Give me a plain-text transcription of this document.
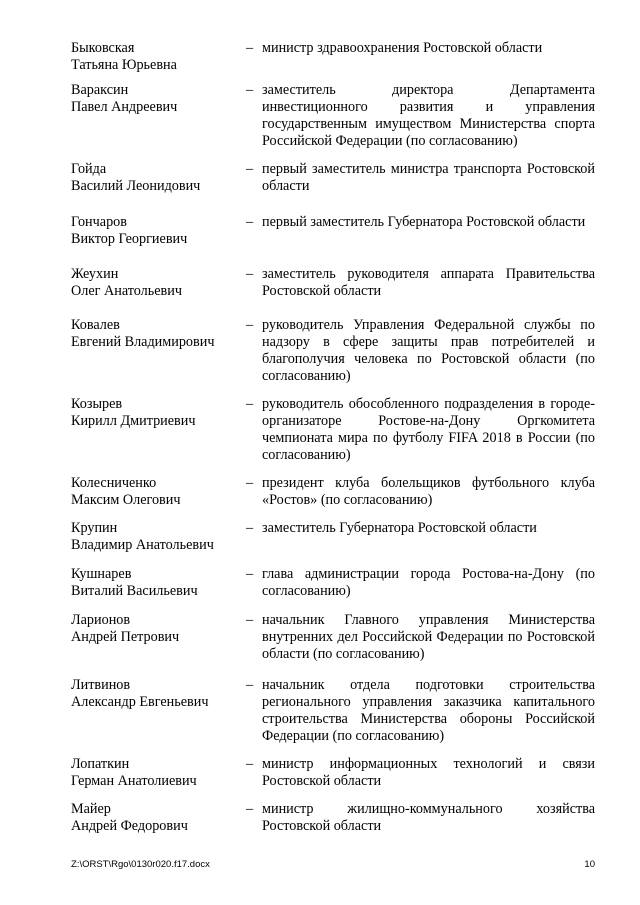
Быковская
Татьяна Юрьевна
– министр здравоохранения Ростовской области
Вараксин
Павел Андреевич
– заместитель директора Департамента инвестиционного развития и управления государственным имуществом Министерства спорта Российской Федерации (по согласованию)
Гойда
Василий Леонидович
– первый заместитель министра транспорта Ростовской области
Гончаров
Виктор Георгиевич
– первый заместитель Губернатора Ростовской области
Жеухин
Олег Анатольевич
– заместитель руководителя аппарата Правительства Ростовской области
Ковалев
Евгений Владимирович
– руководитель Управления Федеральной службы по надзору в сфере защиты прав потребителей и благополучия человека по Ростовской области (по согласованию)
Козырев
Кирилл Дмитриевич
– руководитель обособленного подразделения в городе-организаторе Ростове-на-Дону Оргкомитета чемпионата мира по футболу FIFA 2018 в России (по согласованию)
Колесниченко
Максим Олегович
– президент клуба болельщиков футбольного клуба «Ростов» (по согласованию)
Крупин
Владимир Анатольевич
– заместитель Губернатора Ростовской области
Кушнарев
Виталий Васильевич
– глава администрации города Ростова-на-Дону (по согласованию)
Ларионов
Андрей Петрович
– начальник Главного управления Министерства внутренних дел Российской Федерации по Ростовской области (по согласованию)
Литвинов
Александр Евгеньевич
– начальник отдела подготовки строительства регионального управления заказчика капитального строительства Министерства обороны Российской Федерации (по согласованию)
Лопаткин
Герман Анатолиевич
– министр информационных технологий и связи Ростовской области
Майер
Андрей Федорович
– министр жилищно-коммунального хозяйства Ростовской области
Z:\ORST\Rgo\0130r020.f17.docx	10
